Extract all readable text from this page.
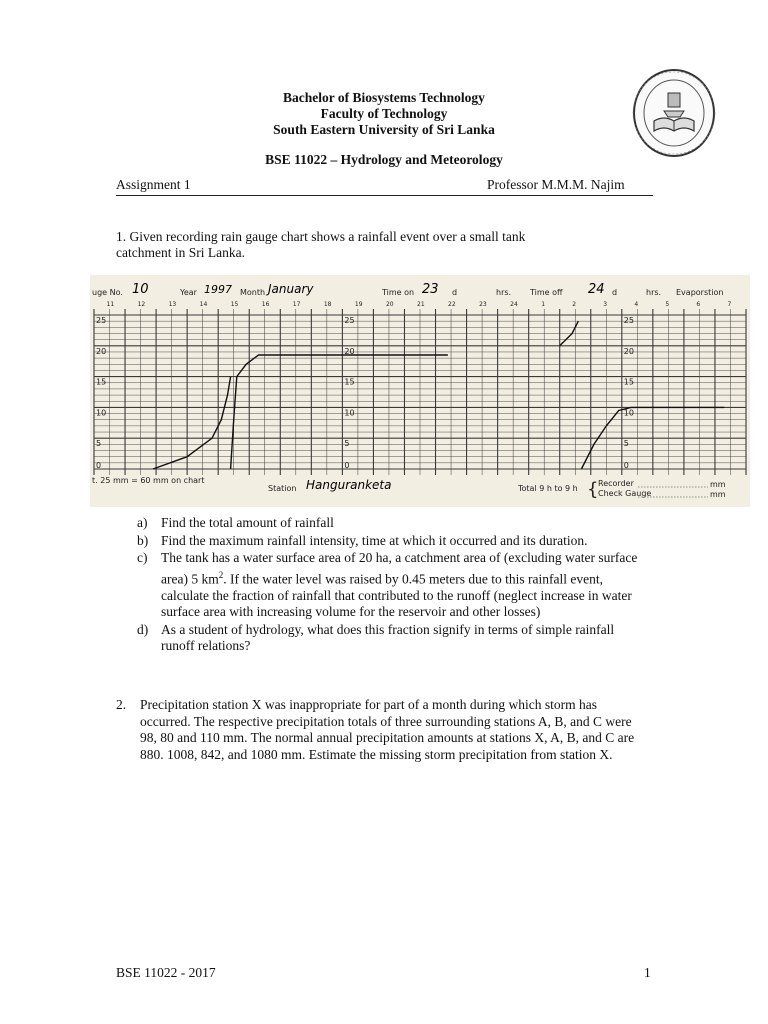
Bachelor of Biosystems Technology
Faculty of Technology
South Eastern University of Sri Lanka
BSE 11022 – Hydrology and Meteorology
Assignment 1	Professor M.M.M. Najim
1. Given recording rain gauge chart shows a rainfall event over a small tank
catchment in Sri Lanka.
25
20
15
10
5
0
25
20
15
10
5
0
25
20
15
10
5
0
11	12	13	14	15	16	17	18	19	20	21	22	23	24	1	2	3	4	5	6	7
uge No. 10	Year 1997 Month January	Time on 23 d	hrs. Time off 24 d	hrs. Evaporstion
t. 25 mm = 60 mm on chart
Station Hanguranketa	Total 9 h to 9 h { Recorder
Check Gauge
mm
mm
a) Find the total amount of rainfall
b) Find the maximum rainfall intensity, time at which it occurred and its duration.
c) The tank has a water surface area of 20 ha, a catchment area of (excluding water surface area) 5 $km^2$. If the water level was raised by 0.45 meters due to this rainfall event, calculate the fraction of rainfall that contributed to the runoff (neglect increase in water surface area with increasing volume for the reservoir and other losses)
d) As a student of hydrology, what does this fraction signify in terms of simple rainfall runoff relations?
2. Precipitation station X was inappropriate for part of a month during which storm has occurred. The respective precipitation totals of three surrounding stations A, B, and C were 98, 80 and 110 mm. The normal annual precipitation amounts at stations X, A, B, and C are 880. 1008, 842, and 1080 mm. Estimate the missing storm precipitation from station X.
BSE 11022 - 2017	1
